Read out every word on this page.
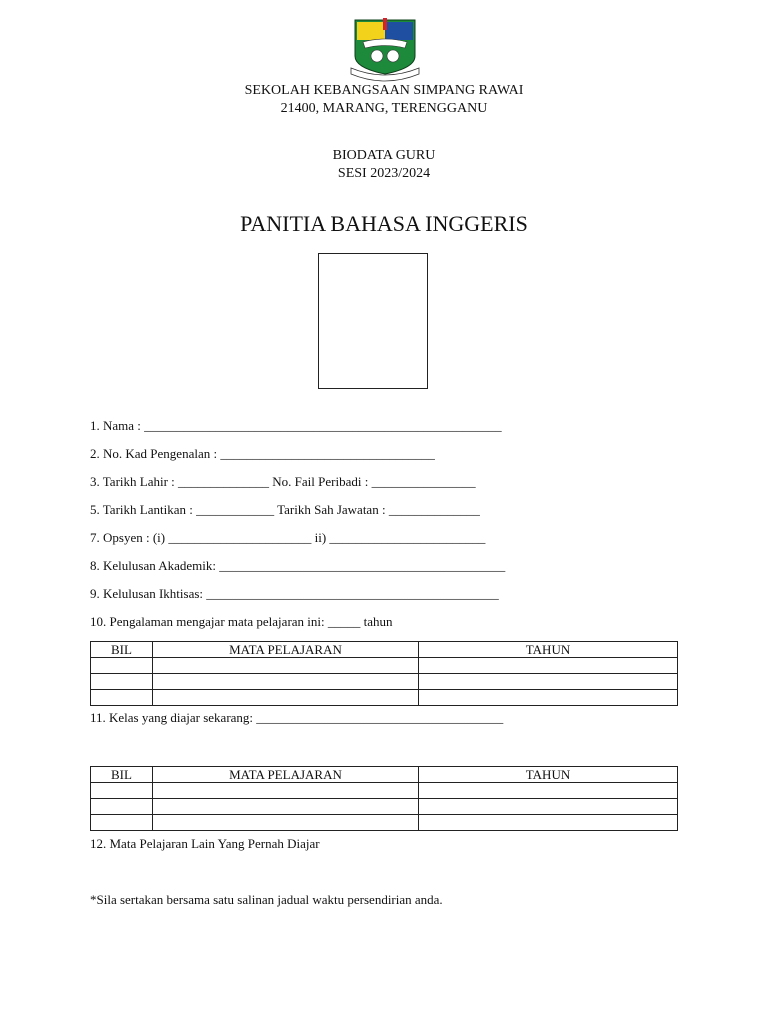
SEKOLAH KEBANGSAAN SIMPANG RAWAI
21400, MARANG, TERENGGANU
BIODATA GURU
SESI 2023/2024
PANITIA BAHASA INGGERIS
1. Nama : _______________________________________________________
2. No. Kad Pengenalan : _________________________________
3. Tarikh Lahir : ______________ No. Fail Peribadi : ________________
5. Tarikh Lantikan : ____________ Tarikh Sah Jawatan : ______________
7. Opsyen : (i) ______________________ ii) ________________________
8. Kelulusan Akademik: ____________________________________________
9. Kelulusan Ikhtisas: _____________________________________________
10. Pengalaman mengajar mata pelajaran ini: _____ tahun
BIL	MATA PELAJARAN	TAHUN

11. Kelas yang diajar sekarang: ______________________________________
BIL	MATA PELAJARAN	TAHUN

12. Mata Pelajaran Lain Yang Pernah Diajar
*Sila sertakan bersama satu salinan jadual waktu persendirian anda.
